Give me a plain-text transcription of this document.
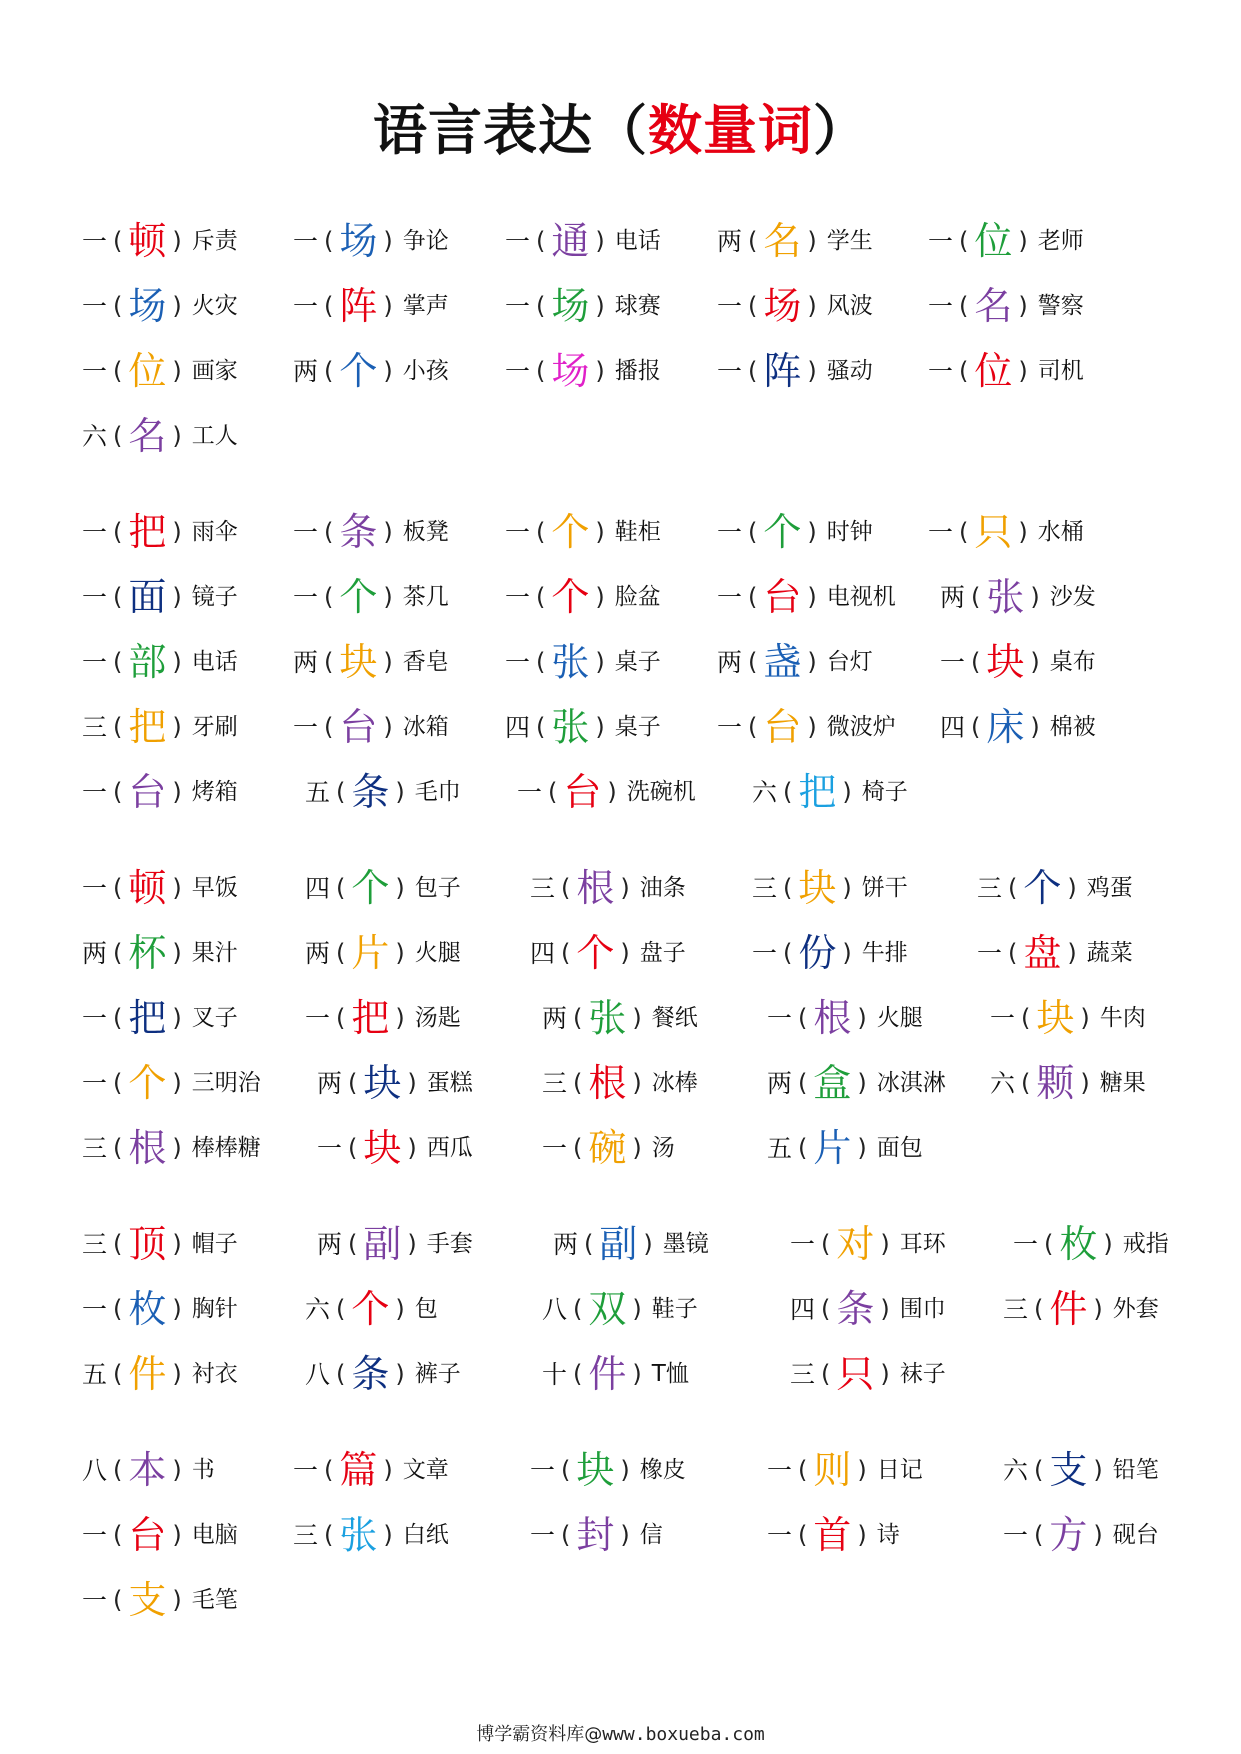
语言表达（数量词）
一 ( 顿 ) 斥责 一 ( 场 ) 争论 一 ( 通 ) 电话 两 ( 名 ) 学生 一 ( 位 ) 老师
一 ( 场 ) 火灾 一 ( 阵 ) 掌声 一 ( 场 ) 球赛 一 ( 场 ) 风波 一 ( 名 ) 警察
一 ( 位 ) 画家 两 ( 个 ) 小孩 一 ( 场 ) 播报 一 ( 阵 ) 骚动 一 ( 位 ) 司机
六 ( 名 ) 工人
一 ( 把 ) 雨伞 一 ( 条 ) 板凳 一 ( 个 ) 鞋柜 一 ( 个 ) 时钟 一 ( 只 ) 水桶
一 ( 面 ) 镜子 一 ( 个 ) 茶几 一 ( 个 ) 脸盆 一 ( 台 ) 电视机 两 ( 张 ) 沙发
一 ( 部 ) 电话 两 ( 块 ) 香皂 一 ( 张 ) 桌子 两 ( 盏 ) 台灯	一 ( 块 ) 桌布
三 ( 把 ) 牙刷 一 ( 台 ) 冰箱 四 ( 张 ) 桌子 一 ( 台 ) 微波炉 四 ( 床 ) 棉被
一 ( 台 ) 烤箱	五 ( 条 ) 毛巾 一 ( 台 ) 洗碗机 六 ( 把 ) 椅子
一 ( 顿 ) 早饭	四 ( 个 ) 包子	三 ( 根 ) 油条	三 ( 块 ) 饼干	三 ( 个 ) 鸡蛋
两 ( 杯 ) 果汁	两 ( 片 ) 火腿	四 ( 个 ) 盘子	一 ( 份 ) 牛排	一 ( 盘 ) 蔬菜
一 ( 把 ) 叉子	一 ( 把 ) 汤匙	两 ( 张 ) 餐纸	一 ( 根 ) 火腿	一 ( 块 ) 牛肉
一 ( 个 ) 三明治 两 ( 块 ) 蛋糕	三 ( 根 ) 冰棒	两 ( 盒 ) 冰淇淋 六 ( 颗 ) 糖果
三 ( 根 ) 棒棒糖 一 ( 块 ) 西瓜	一 ( 碗 ) 汤	五 ( 片 ) 面包
三 ( 顶 ) 帽子	两 ( 副 ) 手套	两 ( 副 ) 墨镜	一 ( 对 ) 耳环	一 ( 枚 ) 戒指
一 ( 枚 ) 胸针	六 ( 个 ) 包	八 ( 双 ) 鞋子	四 ( 条 ) 围巾 三 ( 件 ) 外套
五 ( 件 ) 衬衣	八 ( 条 ) 裤子	十 ( 件 ) T恤	三 ( 只 ) 袜子
八 ( 本 ) 书	一 ( 篇 ) 文章	一 ( 块 ) 橡皮	一 ( 则 ) 日记	六 ( 支 ) 铅笔
一 ( 台 ) 电脑 三 ( 张 ) 白纸	一 ( 封 ) 信	一 ( 首 ) 诗	一 ( 方 ) 砚台
一 ( 支 ) 毛笔
博学霸资料库@www.boxueba.com
